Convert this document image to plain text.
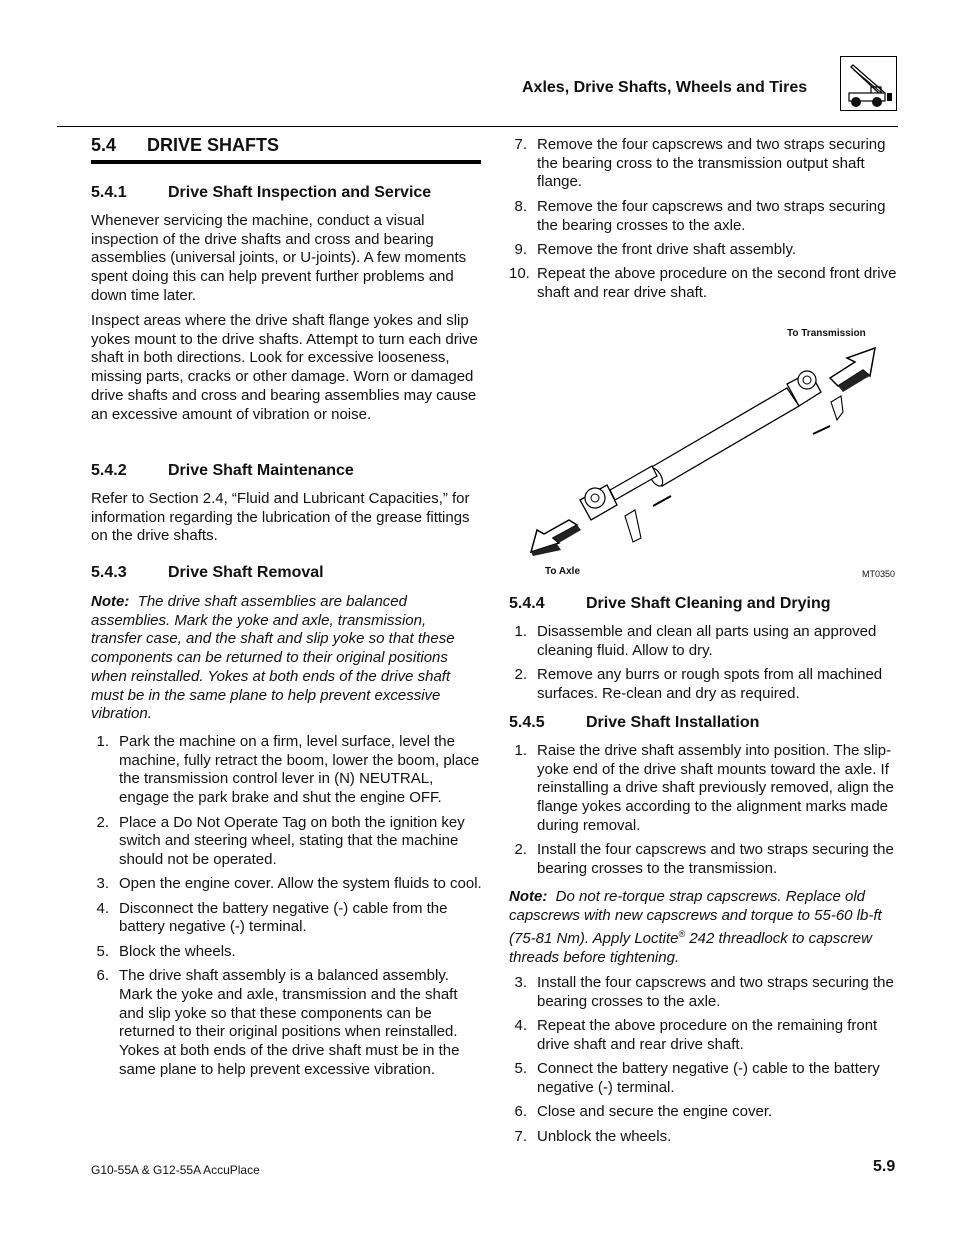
Axles, Drive Shafts, Wheels and Tires
5.4 DRIVE SHAFTS
5.4.1	Drive Shaft Inspection and Service

Whenever servicing the machine, conduct a visual inspection of the drive shafts and cross and bearing assemblies (universal joints, or U-joints). A few moments spent doing this can help prevent further problems and down time later.

Inspect areas where the drive shaft flange yokes and slip yokes mount to the drive shafts. Attempt to turn each drive shaft in both directions. Look for excessive looseness, missing parts, cracks or other damage. Worn or damaged drive shafts and cross and bearing assemblies may cause an excessive amount of vibration or noise.

5.4.2	Drive Shaft Maintenance

Refer to Section 2.4, “Fluid and Lubricant Capacities,” for information regarding the lubrication of the grease fittings on the drive shafts.

5.4.3	Drive Shaft Removal

Note: The drive shaft assemblies are balanced assemblies. Mark the yoke and axle, transmission, transfer case, and the shaft and slip yoke so that these components can be returned to their original positions when reinstalled. Yokes at both ends of the drive shaft must be in the same plane to help prevent excessive vibration.

1. Park the machine on a firm, level surface, level the machine, fully retract the boom, lower the boom, place the transmission control lever in (N) NEUTRAL, engage the park brake and shut the engine OFF.
2. Place a Do Not Operate Tag on both the ignition key switch and steering wheel, stating that the machine should not be operated.
3. Open the engine cover. Allow the system fluids to cool.
4. Disconnect the battery negative (-) cable from the battery negative (-) terminal.
5. Block the wheels.
6. The drive shaft assembly is a balanced assembly. Mark the yoke and axle, transmission and the shaft and slip yoke so that these components can be returned to their original positions when reinstalled. Yokes at both ends of the drive shaft must be in the same plane to help prevent excessive vibration.
7. Remove the four capscrews and two straps securing the bearing cross to the transmission output shaft flange.
8. Remove the four capscrews and two straps securing the bearing crosses to the axle.
9. Remove the front drive shaft assembly.
10. Repeat the above procedure on the second front drive shaft and rear drive shaft.
To Transmission
To Axle	MT0350
5.4.4	Drive Shaft Cleaning and Drying
1. Disassemble and clean all parts using an approved cleaning fluid. Allow to dry.
2. Remove any burrs or rough spots from all machined surfaces. Re-clean and dry as required.
5.4.5	Drive Shaft Installation
1. Raise the drive shaft assembly into position. The slip-yoke end of the drive shaft mounts toward the axle. If reinstalling a drive shaft previously removed, align the flange yokes according to the alignment marks made during removal.
2. Install the four capscrews and two straps securing the bearing crosses to the transmission.

Note: Do not re-torque strap capscrews. Replace old capscrews with new capscrews and torque to 55-60 lb-ft (75-81 Nm). Apply Loctite® 242 threadlock to capscrew threads before tightening.

3. Install the four capscrews and two straps securing the bearing crosses to the axle.
4. Repeat the above procedure on the remaining front drive shaft and rear drive shaft.
5. Connect the battery negative (-) cable to the battery negative (-) terminal.
6. Close and secure the engine cover.
7. Unblock the wheels.
G10-55A & G12-55A AccuPlace	5.9
